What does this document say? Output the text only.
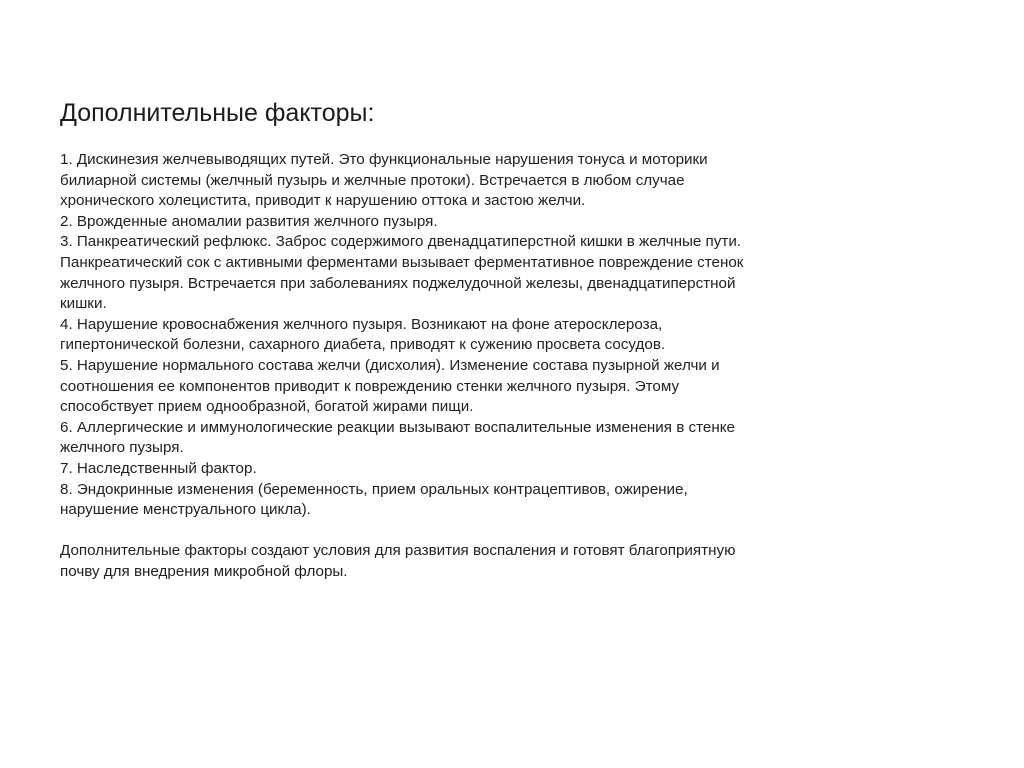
Дополнительные факторы:
1. Дискинезия желчевыводящих путей. Это функциональные нарушения тонуса и моторики
билиарной системы (желчный пузырь и желчные протоки). Встречается в любом случае
хронического холецистита, приводит к нарушению оттока и застою желчи.
2. Врожденные аномалии развития желчного пузыря.
3. Панкреатический рефлюкс. Заброс содержимого двенадцатиперстной кишки в желчные пути.
Панкреатический сок с активными ферментами вызывает ферментативное повреждение стенок
желчного пузыря. Встречается при заболеваниях поджелудочной железы, двенадцатиперстной
кишки.
4. Нарушение кровоснабжения желчного пузыря. Возникают на фоне атеросклероза,
гипертонической болезни, сахарного диабета, приводят к сужению просвета сосудов.
5. Нарушение нормального состава желчи (дисхолия). Изменение состава пузырной желчи и
соотношения ее компонентов приводит к повреждению стенки желчного пузыря. Этому
способствует прием однообразной, богатой жирами пищи.
6. Аллергические и иммунологические реакции вызывают воспалительные изменения в стенке
желчного пузыря.
7. Наследственный фактор.
8. Эндокринные изменения (беременность, прием оральных контрацептивов, ожирение,
нарушение менструального цикла).
Дополнительные факторы создают условия для развития воспаления и готовят благоприятную
почву для внедрения микробной флоры.
